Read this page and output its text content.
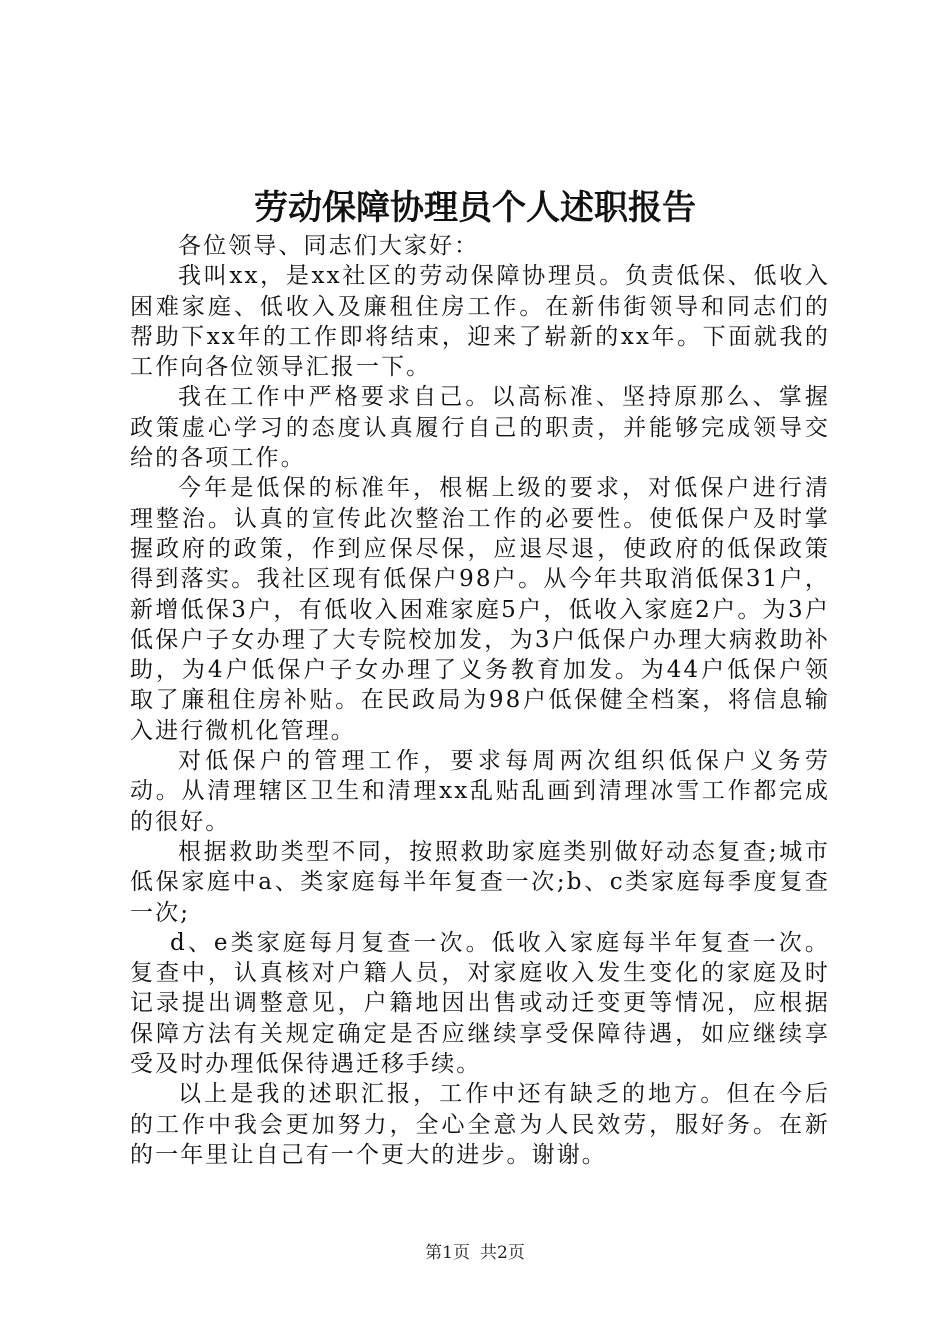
劳动保障协理员个人述职报告

各位领导、同志们大家好：

我叫xx，是xx社区的劳动保障协理员。负责低保、低收入困难家庭、低收入及廉租住房工作。在新伟街领导和同志们的帮助下xx年的工作即将结束，迎来了崭新的xx年。下面就我的工作向各位领导汇报一下。

我在工作中严格要求自己。以高标准、坚持原那么、掌握政策虚心学习的态度认真履行自己的职责，并能够完成领导交给的各项工作。

今年是低保的标准年，根椐上级的要求，对低保户进行清理整治。认真的宣传此次整治工作的必要性。使低保户及时掌握政府的政策，作到应保尽保，应退尽退，使政府的低保政策得到落实。我社区现有低保户98户。从今年共取消低保31户，新增低保3户，有低收入困难家庭5户，低收入家庭2户。为3户低保户子女办理了大专院校加发，为3户低保户办理大病救助补助，为4户低保户子女办理了义务教育加发。为44户低保户领取了廉租住房补贴。在民政局为98户低保健全档案，将信息输入进行微机化管理。

对低保户的管理工作，要求每周两次组织低保户义务劳动。从清理辖区卫生和清理xx乱贴乱画到清理冰雪工作都完成的很好。

根据救助类型不同，按照救助家庭类别做好动态复查;城市低保家庭中a、类家庭每半年复查一次;b、c类家庭每季度复查一次;

d、e类家庭每月复查一次。低收入家庭每半年复查一次。复查中，认真核对户籍人员，对家庭收入发生变化的家庭及时记录提出调整意见，户籍地因出售或动迁变更等情况，应根据保障方法有关规定确定是否应继续享受保障待遇，如应继续享受及时办理低保待遇迁移手续。

以上是我的述职汇报，工作中还有缺乏的地方。但在今后的工作中我会更加努力，全心全意为人民效劳，服好务。在新的一年里让自己有一个更大的进步。谢谢。

第1页 共2页
